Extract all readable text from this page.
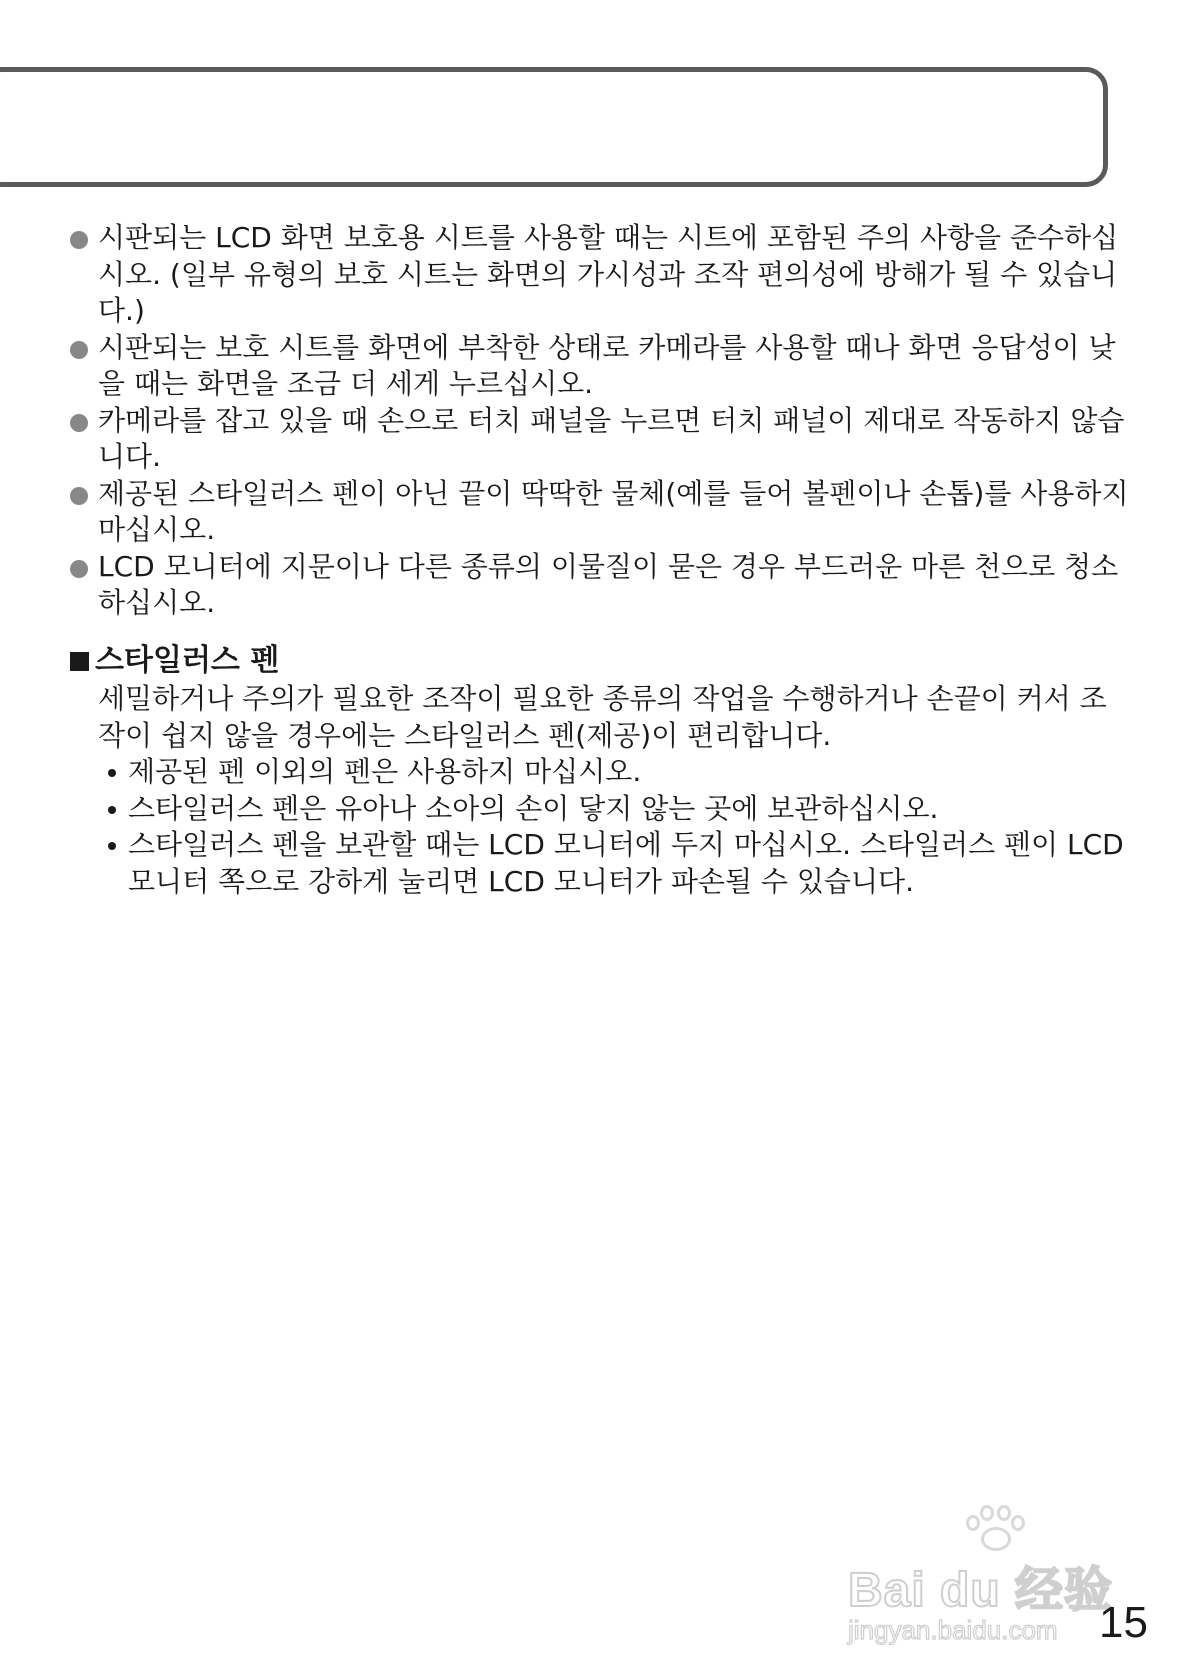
시판되는 LCD 화면 보호용 시트를 사용할 때는 시트에 포함된 주의 사항을 준수하십시오. (일부 유형의 보호 시트는 화면의 가시성과 조작 편의성에 방해가 될 수 있습니다.)
시판되는 보호 시트를 화면에 부착한 상태로 카메라를 사용할 때나 화면 응답성이 낮을 때는 화면을 조금 더 세게 누르십시오.
카메라를 잡고 있을 때 손으로 터치 패널을 누르면 터치 패널이 제대로 작동하지 않습니다.
제공된 스타일러스 펜이 아닌 끝이 딱딱한 물체(예를 들어 볼펜이나 손톱)를 사용하지 마십시오.
LCD 모니터에 지문이나 다른 종류의 이물질이 묻은 경우 부드러운 마른 천으로 청소하십시오.
스타일러스 펜

세밀하거나 주의가 필요한 조작이 필요한 종류의 작업을 수행하거나 손끝이 커서 조작이 쉽지 않을 경우에는 스타일러스 펜(제공)이 편리합니다.

제공된 펜 이외의 펜은 사용하지 마십시오.
스타일러스 펜은 유아나 소아의 손이 닿지 않는 곳에 보관하십시오.
스타일러스 펜을 보관할 때는 LCD 모니터에 두지 마십시오. 스타일러스 펜이 LCD 모니터 쪽으로 강하게 눌리면 LCD 모니터가 파손될 수 있습니다.
Bai du 经验
jingyan.baidu.com 15
